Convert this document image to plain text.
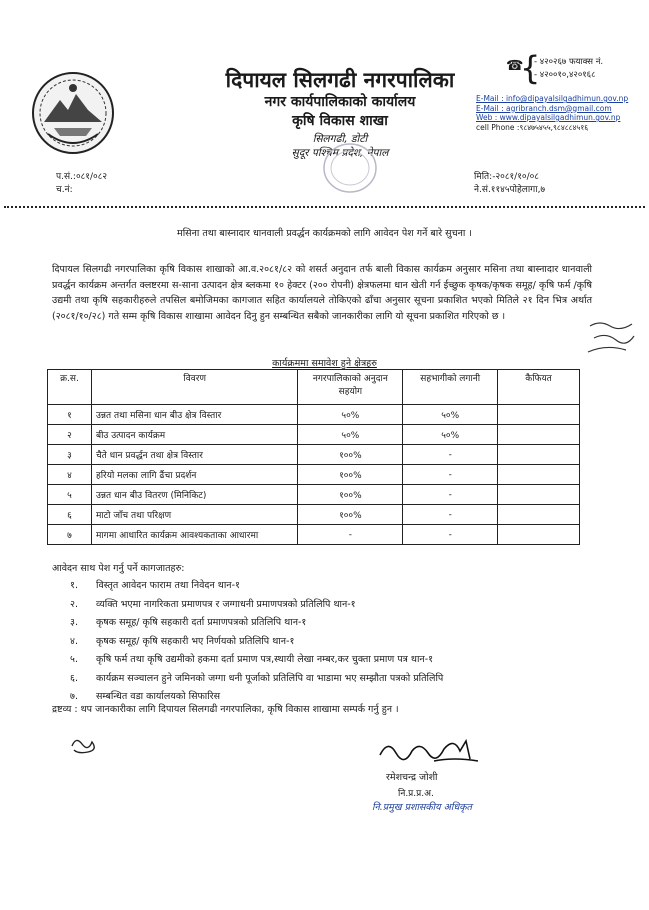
दिपायल सिलगढी नगरपालिका
नगर कार्यपालिकाको कार्यालय
कृषि विकास शाखा
सिलगढी, डोटी
सुदूर पश्चिम प्रदेश, नेपाल
☎
{
- ४२०२६७ फयाक्स नं.
- ४२००१०,४२०१६८
E-Mail : info@dipayalsilgadhimun.gov.np
E-Mail : agribranch.dsm@gmail.com
Web : www.dipayalsilgadhimun.gov.np
cell Phone :९८४७५४५५,९८४८८४५१६
प.सं.:०८१/०८२
च.नं:
मिति:-२०८१/१०/०८
ने.सं.११४५पोहेलागा,७
मसिना तथा बास्नादार धानवाली प्रवर्द्धन कार्यक्रमको लागि आवेदन पेश गर्ने बारे सुचना ।
दिपायल सिलगढी नगरपालिका कृषि विकास शाखाको आ.व.२०८१/८२ को शसर्त अनुदान तर्फ बाली विकास कार्यक्रम अनुसार मसिना तथा बास्नादार धानवाली प्रवर्द्धन कार्यक्रम अन्तर्गत क्लष्टरमा स-साना उत्पादन क्षेत्र ब्लकमा १० हेक्टर (२०० रोपनी) क्षेत्रफलमा धान खेती गर्न ईच्छुक कृषक/कृषक समूह/ कृषि फर्म /कृषि उद्यमी तथा कृषि सहकारीहरुले तपसिल बमोजिमका कागजात सहित कार्यालयले तोकिएको ढाँचा अनुसार सूचना प्रकाशित भएको मितिले २१ दिन भित्र अर्थात (२०८१/१०/२८) गते सम्म कृषि विकास शाखामा आवेदन दिनु हुन सम्बन्धित सबैको जानकारीका लागि यो सूचना प्रकाशित गरिएको छ ।
कार्यक्रममा समावेश हुने क्षेत्रहरु
क्र.स.	विवरण	नगरपालिकाको अनुदान सहयोग	सहभागीको लगानी	कैफियत
१	उन्नत तथा मसिना धान बीउ क्षेत्र विस्तार	५०%	५०%	
२	बीउ उत्पादन कार्यक्रम	५०%	५०%	
३	चैते धान प्रवर्द्धन तथा क्षेत्र विस्तार	१००%	-	
४	हरियो मलका लागि ढैंचा प्रदर्शन	१००%	-	
५	उन्नत धान बीउ वितरण (मिनिकिट)	१००%	-	
६	माटो जाँच तथा परिक्षण	१००%	-	
७	मागमा आधारित कार्यक्रम आवश्यकताका आधारमा	-	-	
आवेदन साथ पेश गर्नु पर्ने कागजातहरु:
१.	विस्तृत आवेदन फाराम तथा निवेदन थान-१
२.	व्यक्ति भएमा नागरिकता प्रमाणपत्र र जग्गाधनी प्रमाणपत्रको प्रतिलिपि थान-१
३.	कृषक समूह/ कृषि सहकारी दर्ता प्रमाणपत्रको प्रतिलिपि थान-१
४.	कृषक समूह/ कृषि सहकारी भए निर्णयको प्रतिलिपि थान-१
५.	कृषि फर्म तथा कृषि उद्यमीको हकमा दर्ता प्रमाण पत्र,स्थायी लेखा नम्बर,कर चुक्ता प्रमाण पत्र थान-१
६.	कार्यक्रम सञ्चालन हुने जमिनको जग्गा धनी पूर्जाको प्रतिलिपि वा भाडामा भए सम्झौता पत्रको प्रतिलिपि
७.	सम्बन्धित वडा कार्यालयको सिफारिस
द्रष्टव्य : थप जानकारीका लागि दिपायल सिलगढी नगरपालिका, कृषि विकास शाखामा सम्पर्क गर्नु हुन ।
रमेशचन्द्र जोशी
नि.प्र.प्र.अ.
नि.प्रमुख प्रशासकीय अधिकृत
